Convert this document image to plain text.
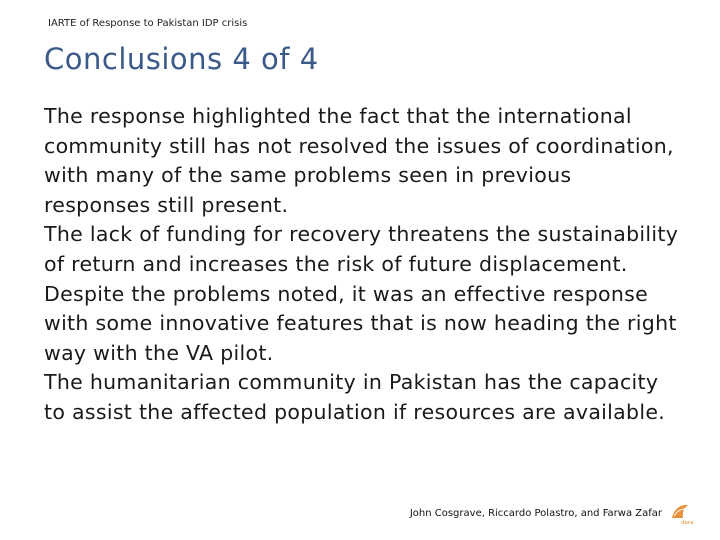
IARTE of Response to Pakistan IDP crisis
Conclusions 4 of 4
The response highlighted the fact that the international community still has not resolved the issues of coordination, with many of the same problems seen in previous responses still present.
The lack of funding for recovery threatens the sustainability of return and increases the risk of future displacement.
Despite the problems noted, it was an effective response with some innovative features that is now heading the right way with the VA pilot.
The humanitarian community in Pakistan has the capacity to assist the affected population if resources are available.
John Cosgrave, Riccardo Polastro, and Farwa Zafar
dara
